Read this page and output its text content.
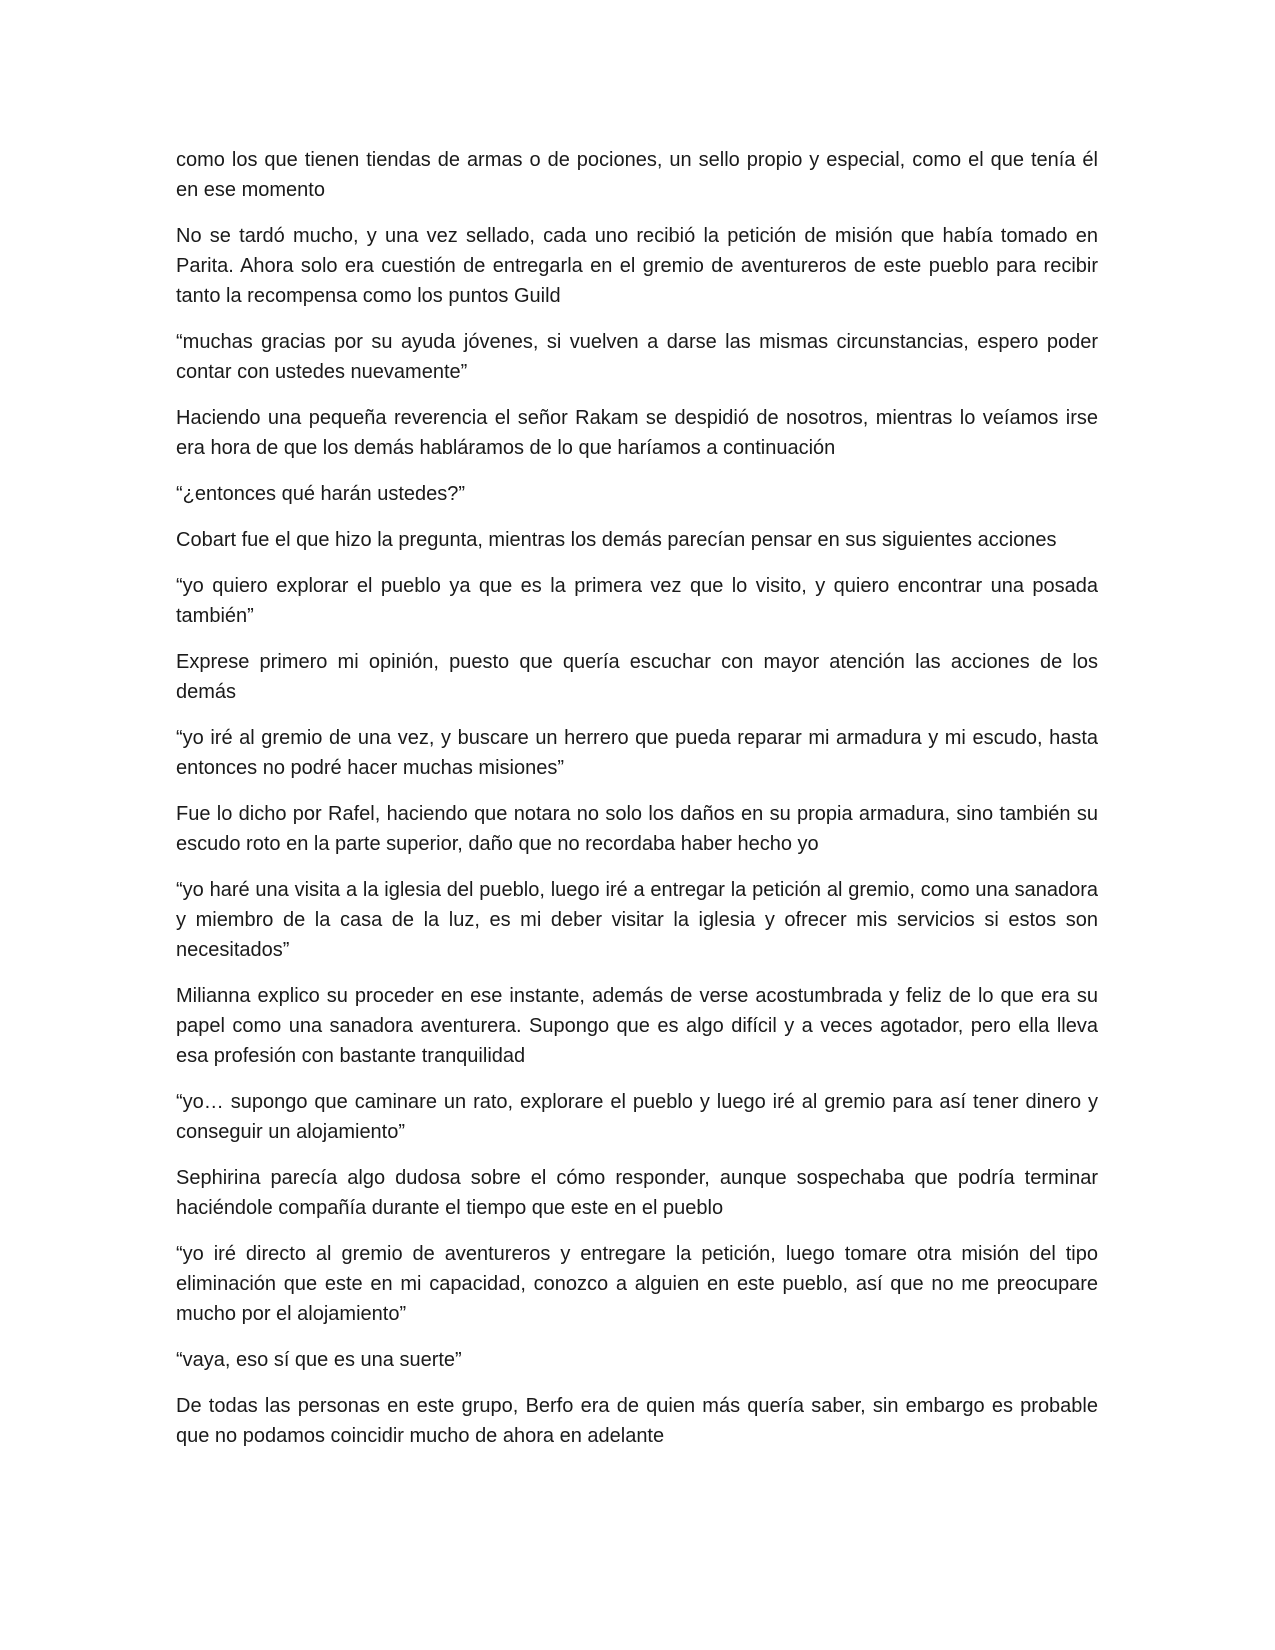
como los que tienen tiendas de armas o de pociones, un sello propio y especial, como el que tenía él en ese momento

No se tardó mucho, y una vez sellado, cada uno recibió la petición de misión que había tomado en Parita. Ahora solo era cuestión de entregarla en el gremio de aventureros de este pueblo para recibir tanto la recompensa como los puntos Guild

“muchas gracias por su ayuda jóvenes, si vuelven a darse las mismas circunstancias, espero poder contar con ustedes nuevamente”

Haciendo una pequeña reverencia el señor Rakam se despidió de nosotros, mientras lo veíamos irse era hora de que los demás habláramos de lo que haríamos a continuación

“¿entonces qué harán ustedes?”

Cobart fue el que hizo la pregunta, mientras los demás parecían pensar en sus siguientes acciones

“yo quiero explorar el pueblo ya que es la primera vez que lo visito, y quiero encontrar una posada también”

Exprese primero mi opinión, puesto que quería escuchar con mayor atención las acciones de los demás

“yo iré al gremio de una vez, y buscare un herrero que pueda reparar mi armadura y mi escudo, hasta entonces no podré hacer muchas misiones”

Fue lo dicho por Rafel, haciendo que notara no solo los daños en su propia armadura, sino también su escudo roto en la parte superior, daño que no recordaba haber hecho yo

“yo haré una visita a la iglesia del pueblo, luego iré a entregar la petición al gremio, como una sanadora y miembro de la casa de la luz, es mi deber visitar la iglesia y ofrecer mis servicios si estos son necesitados”

Milianna explico su proceder en ese instante, además de verse acostumbrada y feliz de lo que era su papel como una sanadora aventurera. Supongo que es algo difícil y a veces agotador, pero ella lleva esa profesión con bastante tranquilidad

“yo… supongo que caminare un rato, explorare el pueblo y luego iré al gremio para así tener dinero y conseguir un alojamiento”

Sephirina parecía algo dudosa sobre el cómo responder, aunque sospechaba que podría terminar haciéndole compañía durante el tiempo que este en el pueblo

“yo iré directo al gremio de aventureros y entregare la petición, luego tomare otra misión del tipo eliminación que este en mi capacidad, conozco a alguien en este pueblo, así que no me preocupare mucho por el alojamiento”

“vaya, eso sí que es una suerte”

De todas las personas en este grupo, Berfo era de quien más quería saber, sin embargo es probable que no podamos coincidir mucho de ahora en adelante
